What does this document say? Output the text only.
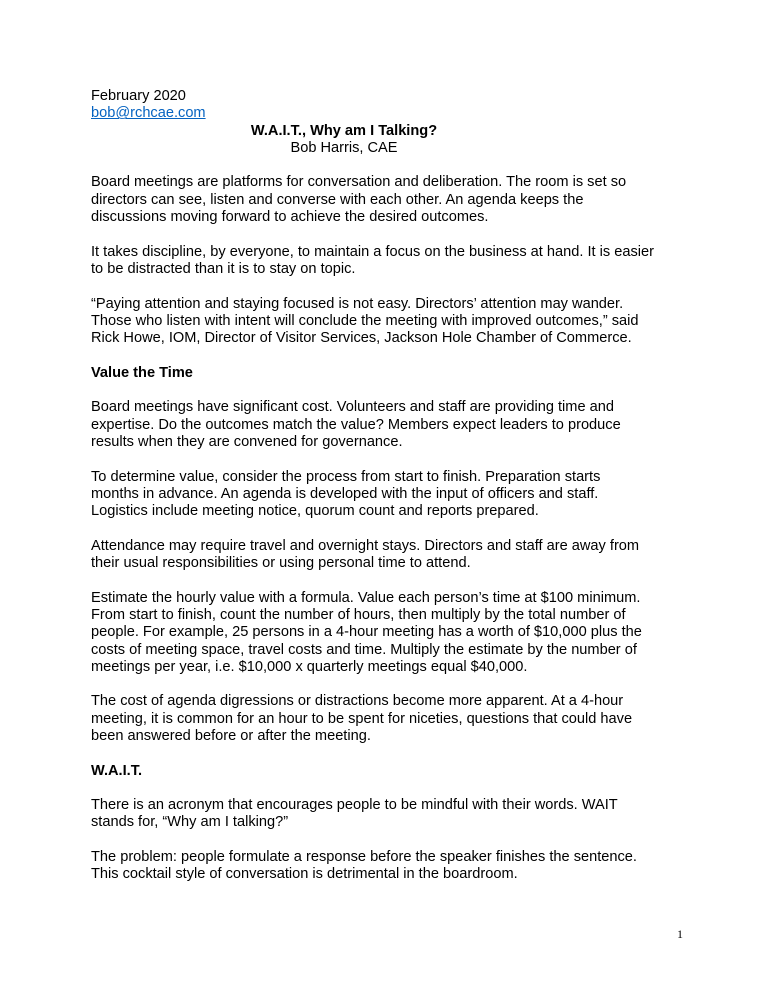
February 2020
bob@rchcae.com
W.A.I.T., Why am I Talking?
Bob Harris, CAE
Board meetings are platforms for conversation and deliberation. The room is set so
directors can see, listen and converse with each other. An agenda keeps the
discussions moving forward to achieve the desired outcomes.
It takes discipline, by everyone, to maintain a focus on the business at hand. It is easier
to be distracted than it is to stay on topic.
“Paying attention and staying focused is not easy. Directors’ attention may wander.
Those who listen with intent will conclude the meeting with improved outcomes,” said
Rick Howe, IOM, Director of Visitor Services, Jackson Hole Chamber of Commerce.
Value the Time
Board meetings have significant cost. Volunteers and staff are providing time and
expertise. Do the outcomes match the value? Members expect leaders to produce
results when they are convened for governance.
To determine value, consider the process from start to finish. Preparation starts
months in advance. An agenda is developed with the input of officers and staff.
Logistics include meeting notice, quorum count and reports prepared.
Attendance may require travel and overnight stays. Directors and staff are away from
their usual responsibilities or using personal time to attend.
Estimate the hourly value with a formula. Value each person’s time at $100 minimum.
From start to finish, count the number of hours, then multiply by the total number of
people. For example, 25 persons in a 4-hour meeting has a worth of $10,000 plus the
costs of meeting space, travel costs and time. Multiply the estimate by the number of
meetings per year, i.e. $10,000 x quarterly meetings equal $40,000.
The cost of agenda digressions or distractions become more apparent. At a 4-hour
meeting, it is common for an hour to be spent for niceties, questions that could have
been answered before or after the meeting.
W.A.I.T.
There is an acronym that encourages people to be mindful with their words. WAIT
stands for, “Why am I talking?”
The problem: people formulate a response before the speaker finishes the sentence.
This cocktail style of conversation is detrimental in the boardroom.
1
